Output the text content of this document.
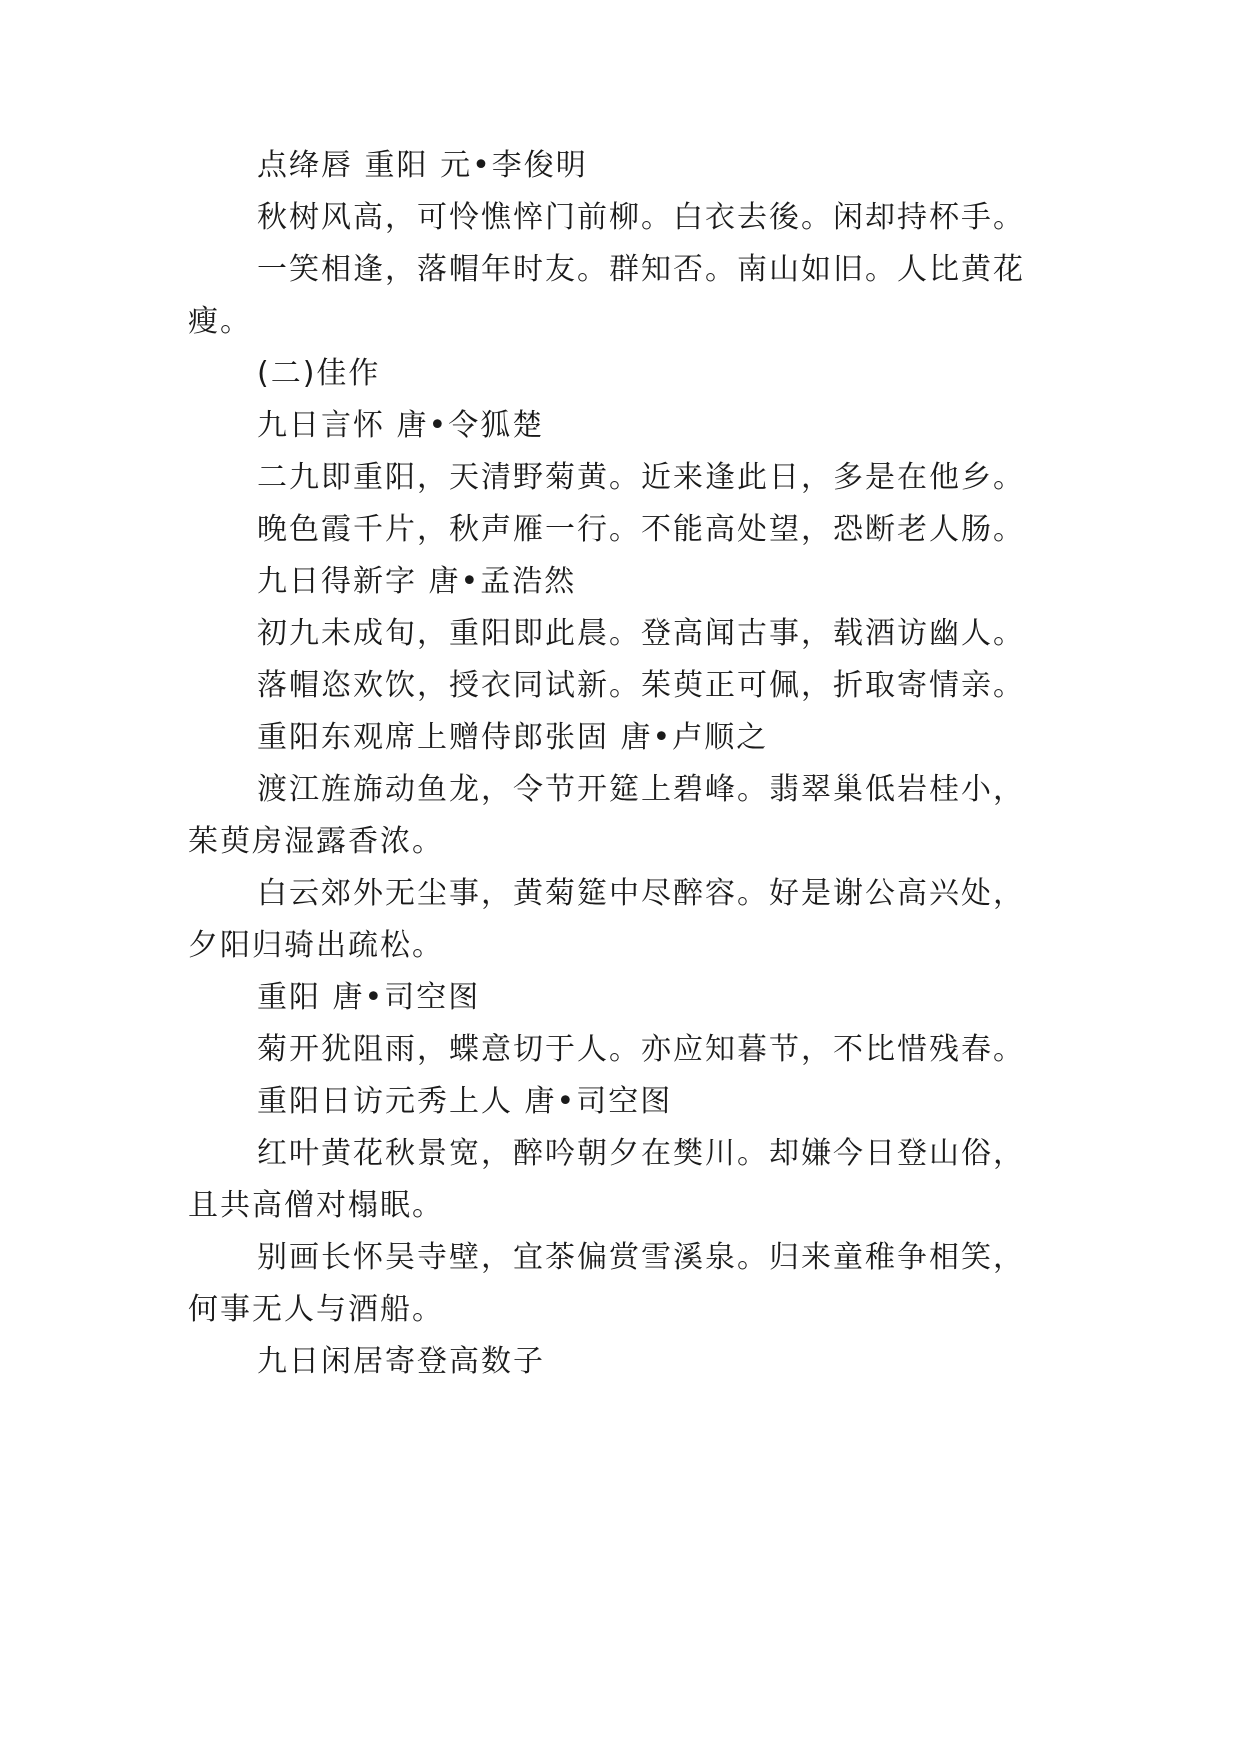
点绛唇 重阳 元•李俊明
秋树风高，可怜憔悴门前柳。白衣去後。闲却持杯手。
一笑相逢，落帽年时友。群知否。南山如旧。人比黄花
瘦。
(二)佳作
九日言怀 唐•令狐楚
二九即重阳，天清野菊黄。近来逢此日，多是在他乡。
晚色霞千片，秋声雁一行。不能高处望，恐断老人肠。
九日得新字 唐•孟浩然
初九未成旬，重阳即此晨。登高闻古事，载酒访幽人。
落帽恣欢饮，授衣同试新。茱萸正可佩，折取寄情亲。
重阳东观席上赠侍郎张固 唐•卢顺之
渡江旌旆动鱼龙，令节开筵上碧峰。翡翠巢低岩桂小，
茱萸房湿露香浓。
白云郊外无尘事，黄菊筵中尽醉容。好是谢公高兴处，
夕阳归骑出疏松。
重阳 唐•司空图
菊开犹阻雨，蝶意切于人。亦应知暮节，不比惜残春。
重阳日访元秀上人 唐•司空图
红叶黄花秋景宽，醉吟朝夕在樊川。却嫌今日登山俗，
且共高僧对榻眠。
别画长怀吴寺壁，宜茶偏赏雪溪泉。归来童稚争相笑，
何事无人与酒船。
九日闲居寄登高数子
